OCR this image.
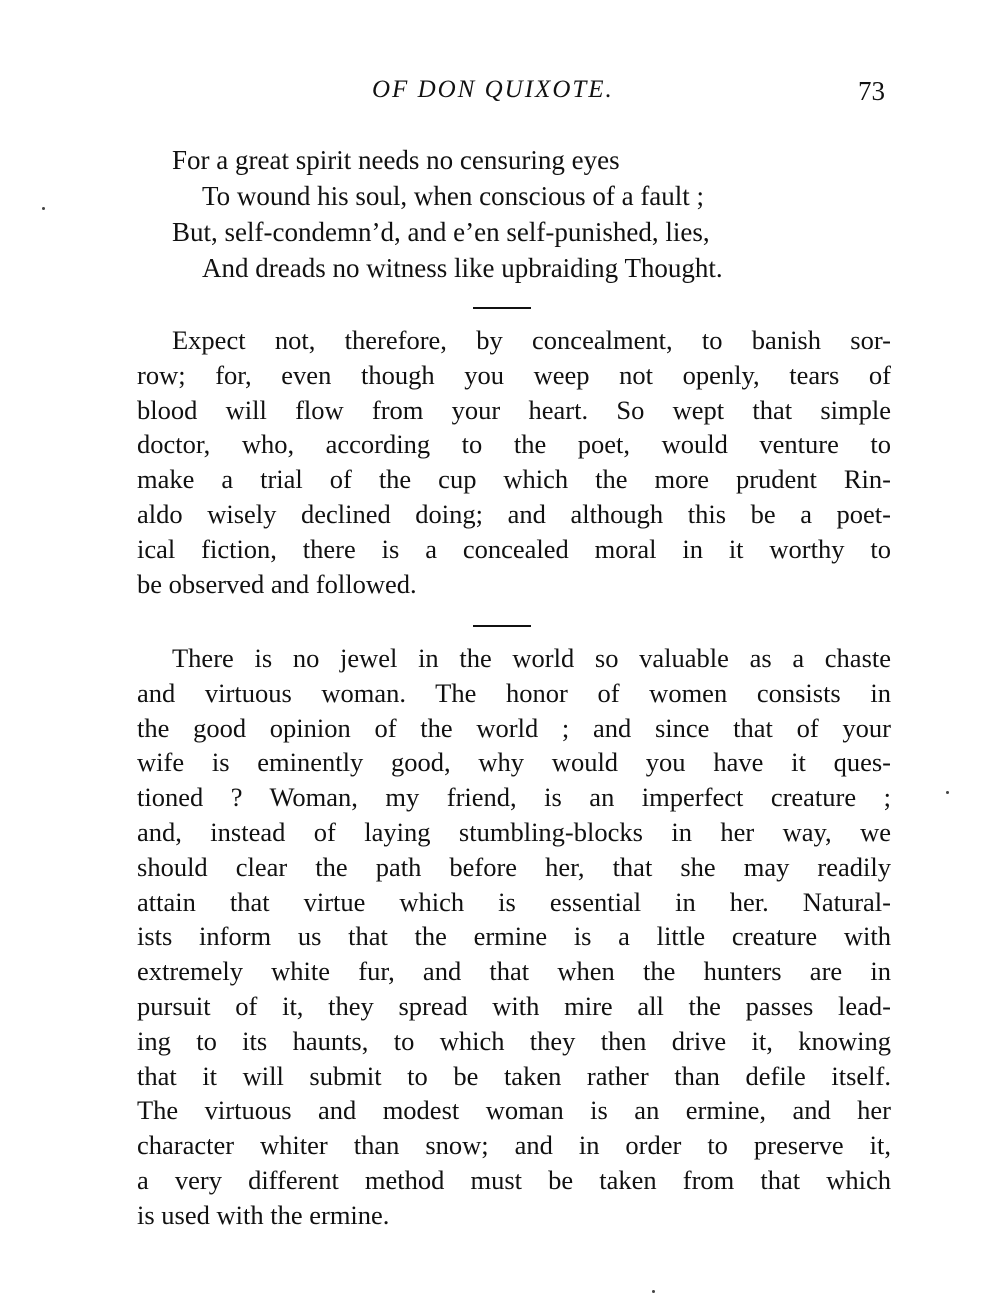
OF DON QUIXOTE.	73
For a great spirit needs no censuring eyes
To wound his soul, when conscious of a fault ;
But, self-condemn’d, and e’en self-punished, lies,
And dreads no witness like upbraiding Thought.
Expect not, therefore, by concealment, to banish sor-
row; for, even though you weep not openly, tears of
blood will flow from your heart. So wept that simple
doctor, who, according to the poet, would venture to
make a trial of the cup which the more prudent Rin-
aldo wisely declined doing; and although this be a poet-
ical fiction, there is a concealed moral in it worthy to
be observed and followed.
There is no jewel in the world so valuable as a chaste
and virtuous woman. The honor of women consists in
the good opinion of the world ; and since that of your
wife is eminently good, why would you have it ques-
tioned ? Woman, my friend, is an imperfect creature ;
and, instead of laying stumbling-blocks in her way, we
should clear the path before her, that she may readily
attain that virtue which is essential in her. Natural-
ists inform us that the ermine is a little creature with
extremely white fur, and that when the hunters are in
pursuit of it, they spread with mire all the passes lead-
ing to its haunts, to which they then drive it, knowing
that it will submit to be taken rather than defile itself.
The virtuous and modest woman is an ermine, and her
character whiter than snow; and in order to preserve it,
a very different method must be taken from that which
is used with the ermine.
